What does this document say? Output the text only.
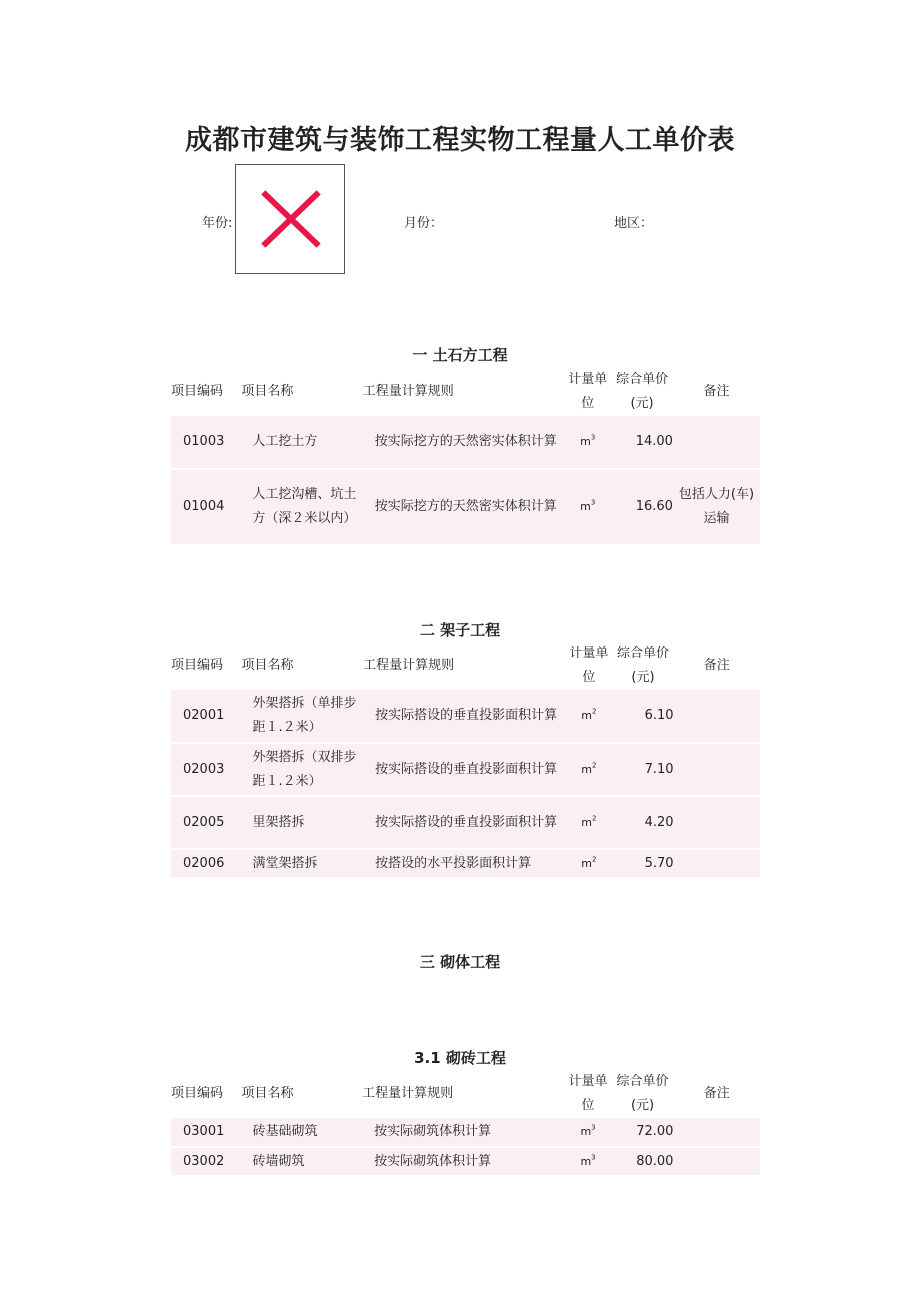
成都市建筑与装饰工程实物工程量人工单价表
年份:	月份：	地区：
一 土石方工程
项目编码	项目名称	工程量计算规则	计量单位	综合单价(元)	备注
01003	人工挖土方	按实际挖方的天然密实体积计算	$m^3$	14.00	
01004	人工挖沟槽、坑土方（深２米以内）	按实际挖方的天然密实体积计算	$m^3$	16.60	包括人力(车)运输
二 架子工程
项目编码	项目名称	工程量计算规则	计量单位	综合单价(元)	备注
02001	外架搭拆（单排步距１.２米）	按实际搭设的垂直投影面积计算	$m^2$	6.10	
02003	外架搭拆（双排步距１.２米）	按实际搭设的垂直投影面积计算	$m^2$	7.10	
02005	里架搭拆	按实际搭设的垂直投影面积计算	$m^2$	4.20	
02006	满堂架搭拆	按搭设的水平投影面积计算	$m^2$	5.70	
三 砌体工程
3.1 砌砖工程
项目编码	项目名称	工程量计算规则	计量单位	综合单价(元)	备注
03001	砖基础砌筑	按实际砌筑体积计算	$m^3$	72.00	
03002	砖墙砌筑	按实际砌筑体积计算	$m^3$	80.00	
